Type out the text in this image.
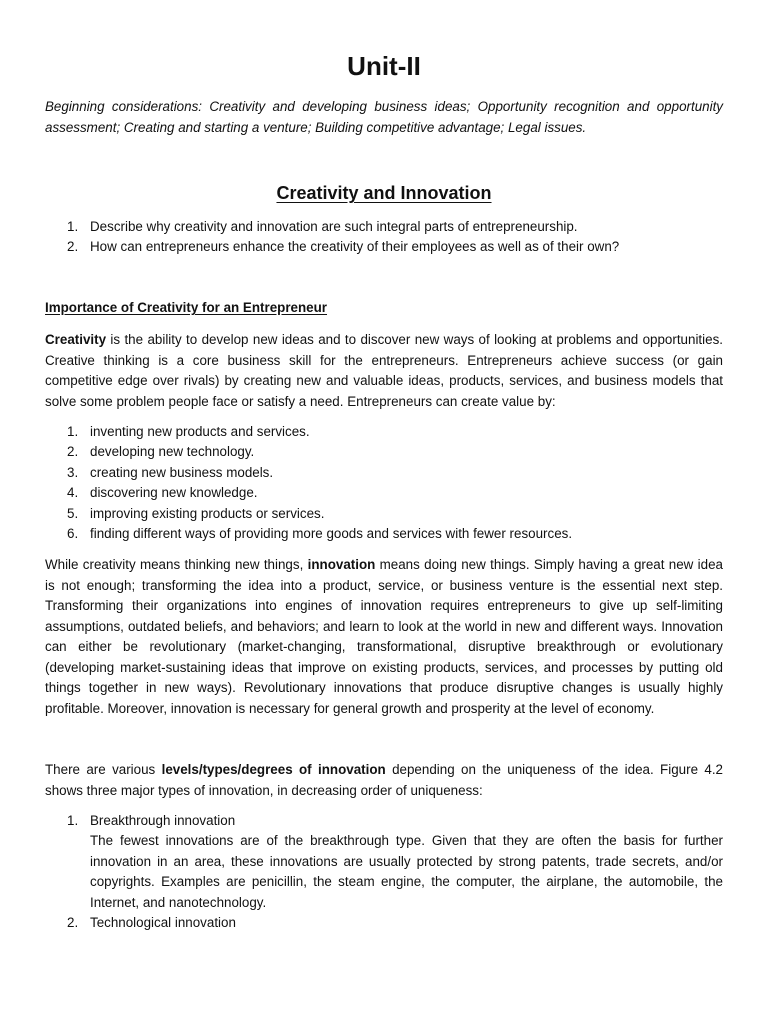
Unit-II

Beginning considerations: Creativity and developing business ideas; Opportunity recognition and opportunity assessment; Creating and starting a venture; Building competitive advantage; Legal issues.

Creativity and Innovation
1. Describe why creativity and innovation are such integral parts of entrepreneurship.
2. How can entrepreneurs enhance the creativity of their employees as well as of their own?
Importance of Creativity for an Entrepreneur

Creativity is the ability to develop new ideas and to discover new ways of looking at problems and opportunities. Creative thinking is a core business skill for the entrepreneurs. Entrepreneurs achieve success (or gain competitive edge over rivals) by creating new and valuable ideas, products, services, and business models that solve some problem people face or satisfy a need. Entrepreneurs can create value by:

1. inventing new products and services.
2. developing new technology.
3. creating new business models.
4. discovering new knowledge.
5. improving existing products or services.
6. finding different ways of providing more goods and services with fewer resources.

While creativity means thinking new things, innovation means doing new things. Simply having a great new idea is not enough; transforming the idea into a product, service, or business venture is the essential next step. Transforming their organizations into engines of innovation requires entrepreneurs to give up self-limiting assumptions, outdated beliefs, and behaviors; and learn to look at the world in new and different ways. Innovation can either be revolutionary (market-changing, transformational, disruptive breakthrough or evolutionary (developing market-sustaining ideas that improve on existing products, services, and processes by putting old things together in new ways). Revolutionary innovations that produce disruptive changes is usually highly profitable. Moreover, innovation is necessary for general growth and prosperity at the level of economy.

There are various levels/types/degrees of innovation depending on the uniqueness of the idea. Figure 4.2 shows three major types of innovation, in decreasing order of uniqueness:

1. Breakthrough innovation
The fewest innovations are of the breakthrough type. Given that they are often the basis for further innovation in an area, these innovations are usually protected by strong patents, trade secrets, and/or copyrights. Examples are penicillin, the steam engine, the computer, the airplane, the automobile, the Internet, and nanotechnology.
2. Technological innovation
